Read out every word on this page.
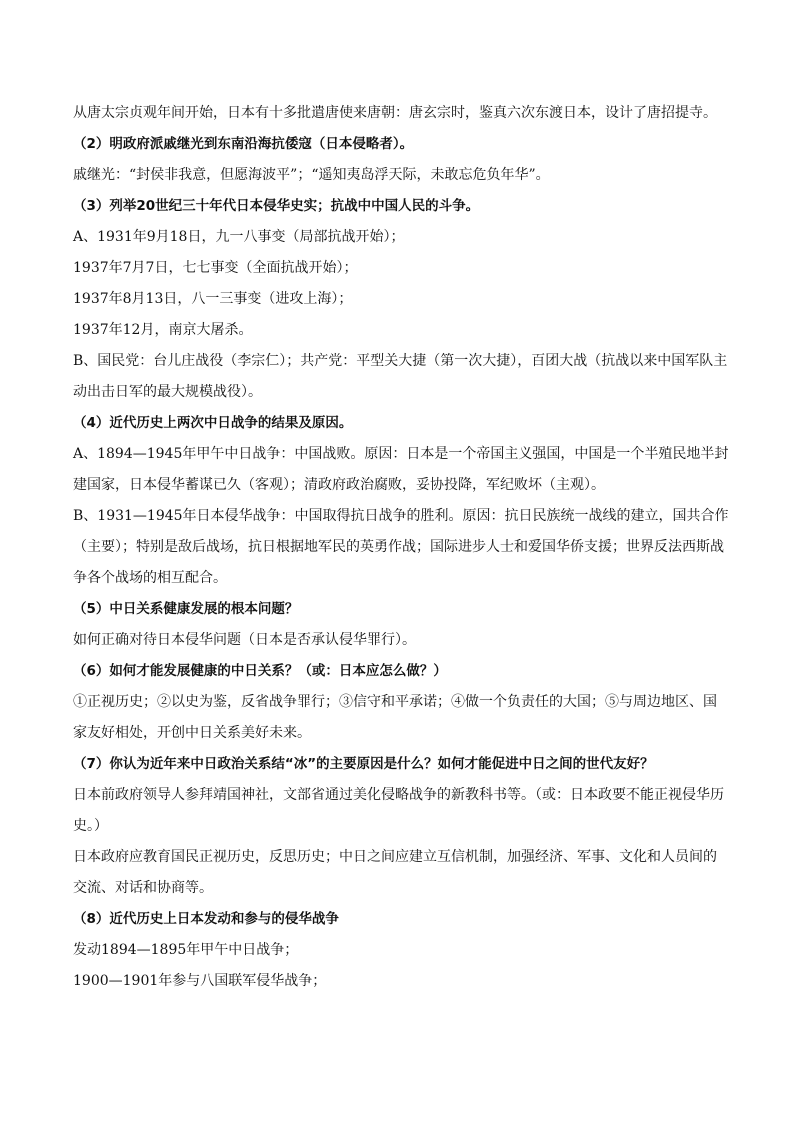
从唐太宗贞观年间开始，日本有十多批遣唐使来唐朝：唐玄宗时，鉴真六次东渡日本，设计了唐招提寺。
（2）明政府派戚继光到东南沿海抗倭寇（日本侵略者）。
戚继光：“封侯非我意，但愿海波平”；“遥知夷岛浮天际，未敢忘危负年华”。
（3）列举20世纪三十年代日本侵华史实；抗战中中国人民的斗争。
A、1931年9月18日，九一八事变（局部抗战开始）；
1937年7月7日，七七事变（全面抗战开始）；
1937年8月13日，八一三事变（进攻上海）；
1937年12月，南京大屠杀。
B、国民党：台儿庄战役（李宗仁）；共产党：平型关大捷（第一次大捷），百团大战（抗战以来中国军队主
动出击日军的最大规模战役）。
（4）近代历史上两次中日战争的结果及原因。
A、1894—1945年甲午中日战争：中国战败。原因：日本是一个帝国主义强国，中国是一个半殖民地半封
建国家，日本侵华蓄谋已久（客观）；清政府政治腐败，妥协投降，军纪败坏（主观）。
B、1931—1945年日本侵华战争：中国取得抗日战争的胜利。原因：抗日民族统一战线的建立，国共合作
（主要）；特别是敌后战场，抗日根据地军民的英勇作战；国际进步人士和爱国华侨支援；世界反法西斯战
争各个战场的相互配合。
（5）中日关系健康发展的根本问题？
如何正确对待日本侵华问题（日本是否承认侵华罪行）。
（6）如何才能发展健康的中日关系？（或：日本应怎么做？）
①正视历史；②以史为鉴，反省战争罪行；③信守和平承诺；④做一个负责任的大国；⑤与周边地区、国
家友好相处，开创中日关系美好未来。
（7）你认为近年来中日政治关系结“冰”的主要原因是什么？如何才能促进中日之间的世代友好？
日本前政府领导人参拜靖国神社，文部省通过美化侵略战争的新教科书等。（或：日本政要不能正视侵华历
史。）
日本政府应教育国民正视历史，反思历史；中日之间应建立互信机制，加强经济、军事、文化和人员间的
交流、对话和协商等。
（8）近代历史上日本发动和参与的侵华战争
发动1894—1895年甲午中日战争；
1900—1901年参与八国联军侵华战争；
